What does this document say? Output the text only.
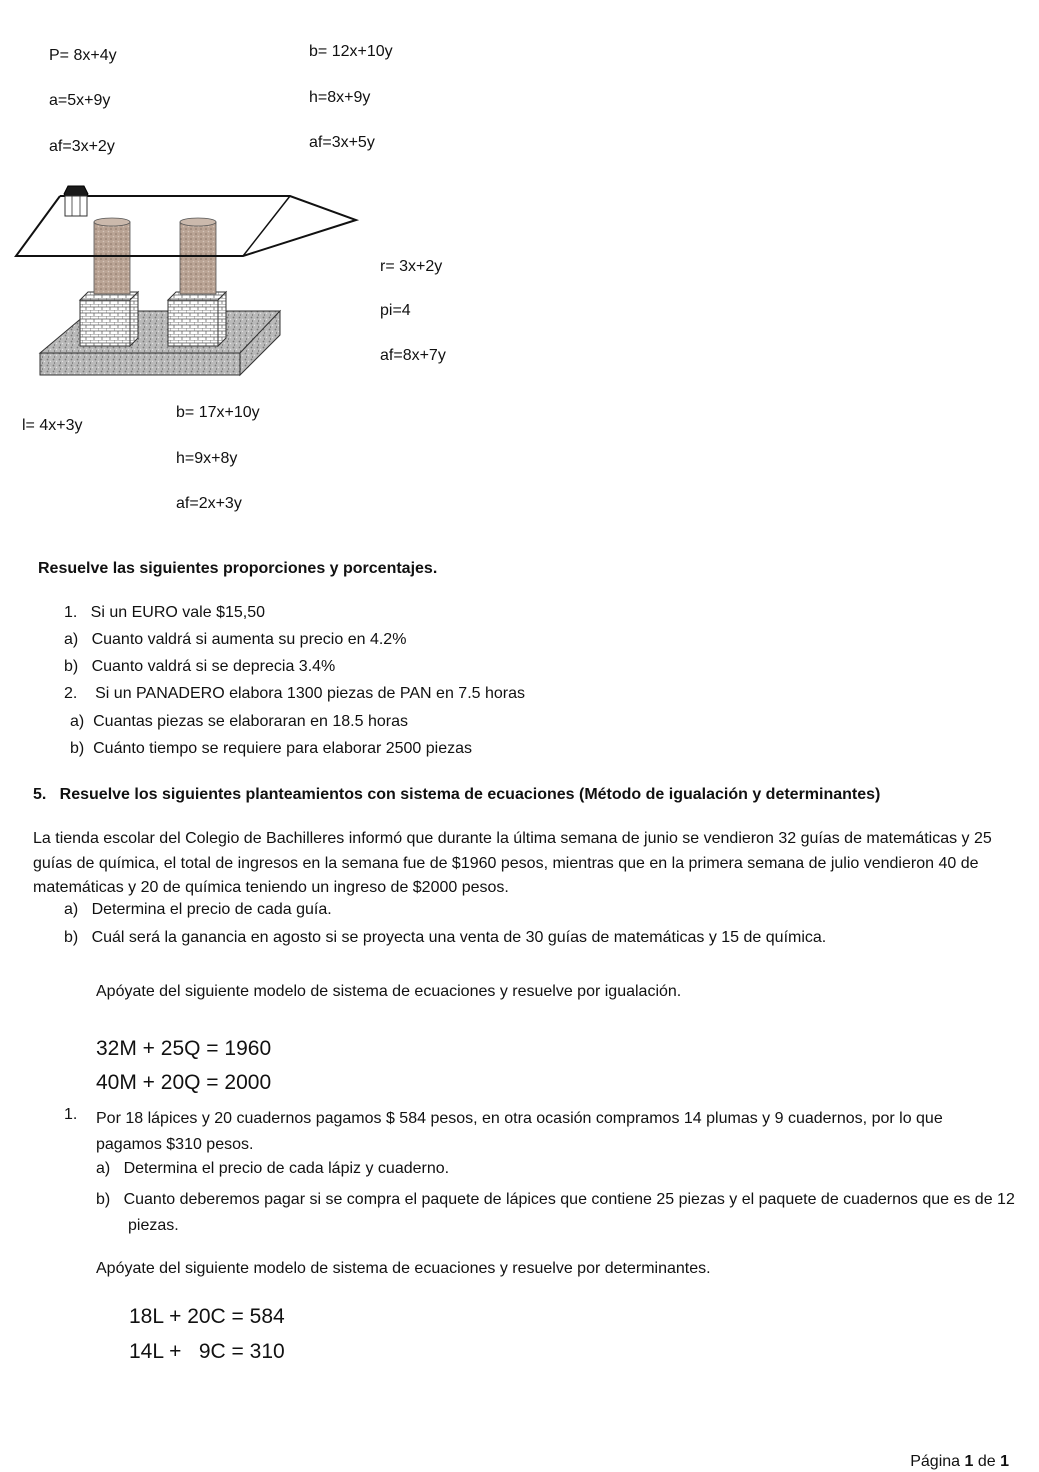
P= 8x+4y
a=5x+9y
af=3x+2y
b= 12x+10y
h=8x+9y
af=3x+5y
r= 3x+2y
pi=4
af=8x+7y
l= 4x+3y
b= 17x+10y
h=9x+8y
af=2x+3y
Resuelve las siguientes proporciones y porcentajes.
1.   Si un EURO vale $15,50
a)   Cuanto valdrá si aumenta su precio en 4.2%
b)   Cuanto valdrá si se deprecia 3.4%
2.    Si un PANADERO elabora 1300 piezas de PAN en 7.5 horas
a)  Cuantas piezas se elaboraran en 18.5 horas
b)  Cuánto tiempo se requiere para elaborar 2500 piezas
5.   Resuelve los siguientes planteamientos con sistema de ecuaciones (Método de igualación y determinantes)
La tienda escolar del Colegio de Bachilleres informó que durante la última semana de junio se vendieron 32 guías de matemáticas y 25 guías de química, el total de ingresos en la semana fue de $1960 pesos, mientras que en la primera semana de julio vendieron 40 de matemáticas y 20 de química teniendo un ingreso de $2000 pesos.
a)   Determina el precio de cada guía.
b)   Cuál será la ganancia en agosto si se proyecta una venta de 30 guías de matemáticas y 15 de química.
Apóyate del siguiente modelo de sistema de ecuaciones y resuelve por igualación.
32M + 25Q = 1960
40M + 20Q = 2000
1. Por 18 lápices y 20 cuadernos pagamos $ 584 pesos, en otra ocasión compramos 14 plumas y 9 cuadernos, por lo que pagamos $310 pesos.
a)   Determina el precio de cada lápiz y cuaderno.
b)   Cuanto deberemos pagar si se compra el paquete de lápices que contiene 25 piezas y el paquete de cuadernos que es de 12 piezas.
Apóyate del siguiente modelo de sistema de ecuaciones y resuelve por determinantes.
18L + 20C = 584
14L +   9C = 310
Página 1 de 1
